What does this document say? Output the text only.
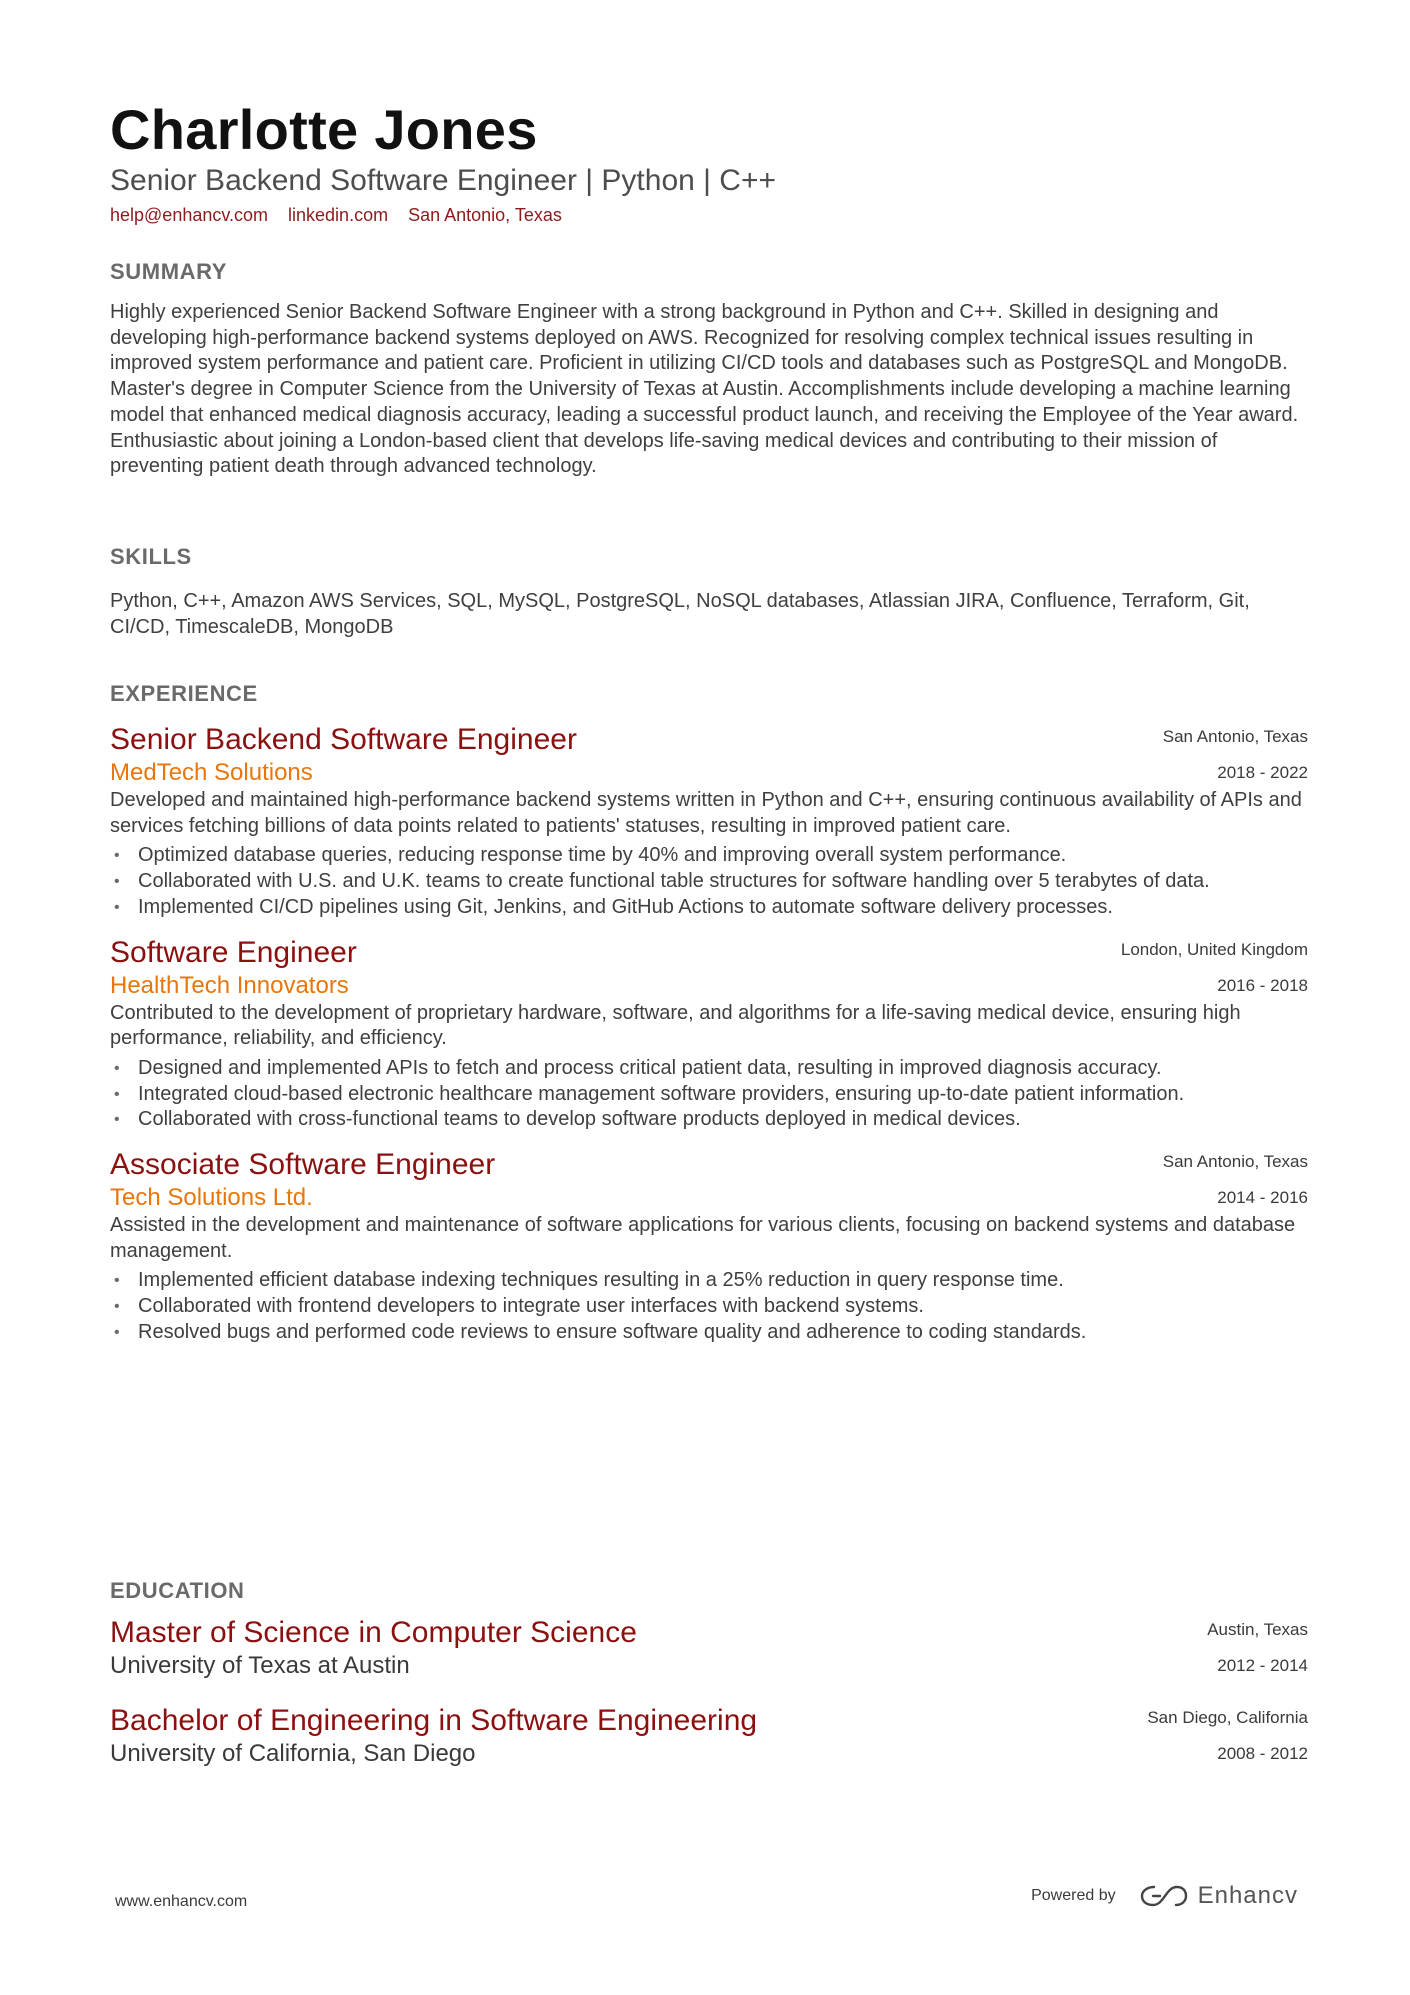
Charlotte Jones
Senior Backend Software Engineer | Python | C++
help@enhancv.com linkedin.com San Antonio, Texas
SUMMARY
Highly experienced Senior Backend Software Engineer with a strong background in Python and C++. Skilled in designing and developing high-performance backend systems deployed on AWS. Recognized for resolving complex technical issues resulting in improved system performance and patient care. Proficient in utilizing CI/CD tools and databases such as PostgreSQL and MongoDB. Master's degree in Computer Science from the University of Texas at Austin. Accomplishments include developing a machine learning model that enhanced medical diagnosis accuracy, leading a successful product launch, and receiving the Employee of the Year award. Enthusiastic about joining a London-based client that develops life-saving medical devices and contributing to their mission of preventing patient death through advanced technology.
SKILLS
Python, C++, Amazon AWS Services, SQL, MySQL, PostgreSQL, NoSQL databases, Atlassian JIRA, Confluence, Terraform, Git, CI/CD, TimescaleDB, MongoDB
EXPERIENCE
Senior Backend Software Engineer
MedTech Solutions
San Antonio, Texas
2018 - 2022
Developed and maintained high-performance backend systems written in Python and C++, ensuring continuous availability of APIs and services fetching billions of data points related to patients' statuses, resulting in improved patient care.
• Optimized database queries, reducing response time by 40% and improving overall system performance.
• Collaborated with U.S. and U.K. teams to create functional table structures for software handling over 5 terabytes of data.
• Implemented CI/CD pipelines using Git, Jenkins, and GitHub Actions to automate software delivery processes.
Software Engineer
HealthTech Innovators
London, United Kingdom
2016 - 2018
Contributed to the development of proprietary hardware, software, and algorithms for a life-saving medical device, ensuring high performance, reliability, and efficiency.
• Designed and implemented APIs to fetch and process critical patient data, resulting in improved diagnosis accuracy.
• Integrated cloud-based electronic healthcare management software providers, ensuring up-to-date patient information.
• Collaborated with cross-functional teams to develop software products deployed in medical devices.
Associate Software Engineer
Tech Solutions Ltd.
San Antonio, Texas
2014 - 2016
Assisted in the development and maintenance of software applications for various clients, focusing on backend systems and database management.
• Implemented efficient database indexing techniques resulting in a 25% reduction in query response time.
• Collaborated with frontend developers to integrate user interfaces with backend systems.
• Resolved bugs and performed code reviews to ensure software quality and adherence to coding standards.
EDUCATION
Master of Science in Computer Science
University of Texas at Austin
Austin, Texas
2012 - 2014
Bachelor of Engineering in Software Engineering
University of California, San Diego
San Diego, California
2008 - 2012
www.enhancv.com	Powered by	Enhancv
